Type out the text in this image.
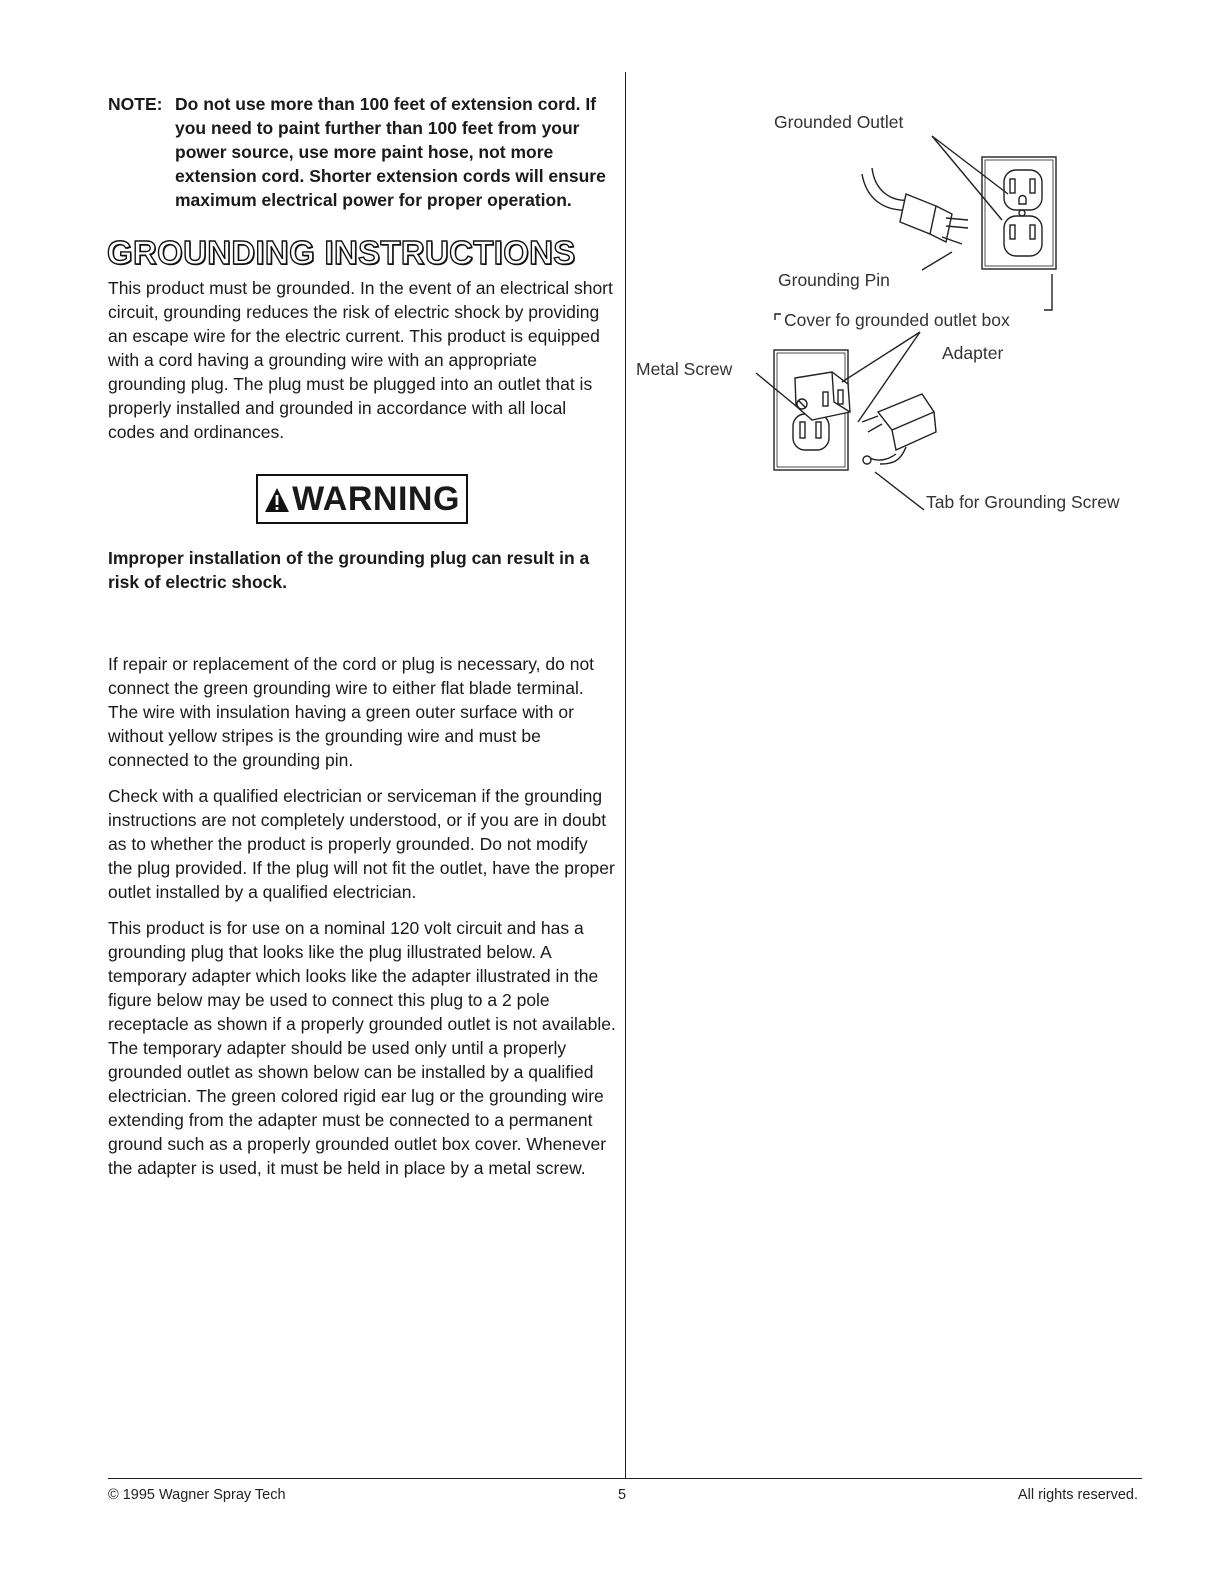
NOTE: Do not use more than 100 feet of extension cord. If you need to paint further than 100 feet from your power source, use more paint hose, not more extension cord. Shorter extension cords will ensure maximum electrical power for proper operation.
GROUNDING INSTRUCTIONS

This product must be grounded. In the event of an electrical short circuit, grounding reduces the risk of electric shock by providing an escape wire for the electric current. This product is equipped with a cord having a grounding wire with an appropriate grounding plug. The plug must be plugged into an outlet that is properly installed and grounded in accordance with all local codes and ordinances.

WARNING

Improper installation of the grounding plug can result in a risk of electric shock.

If repair or replacement of the cord or plug is necessary, do not connect the green grounding wire to either flat blade terminal. The wire with insulation having a green outer surface with or without yellow stripes is the grounding wire and must be connected to the grounding pin.

Check with a qualified electrician or serviceman if the grounding instructions are not completely understood, or if you are in doubt as to whether the product is properly grounded. Do not modify the plug provided. If the plug will not fit the outlet, have the proper outlet installed by a qualified electrician.

This product is for use on a nominal 120 volt circuit and has a grounding plug that looks like the plug illustrated below. A temporary adapter which looks like the adapter illustrated in the figure below may be used to connect this plug to a 2 pole receptacle as shown if a properly grounded outlet is not available. The temporary adapter should be used only until a properly grounded outlet as shown below can be installed by a qualified electrician. The green colored rigid ear lug or the grounding wire extending from the adapter must be connected to a permanent ground such as a properly grounded outlet box cover. Whenever the adapter is used, it must be held in place by a metal screw.

Grounded Outlet
Grounding Pin
Cover fo grounded outlet box
Adapter
Metal Screw
Tab for Grounding Screw
© 1995 Wagner Spray Tech	5	All rights reserved.
